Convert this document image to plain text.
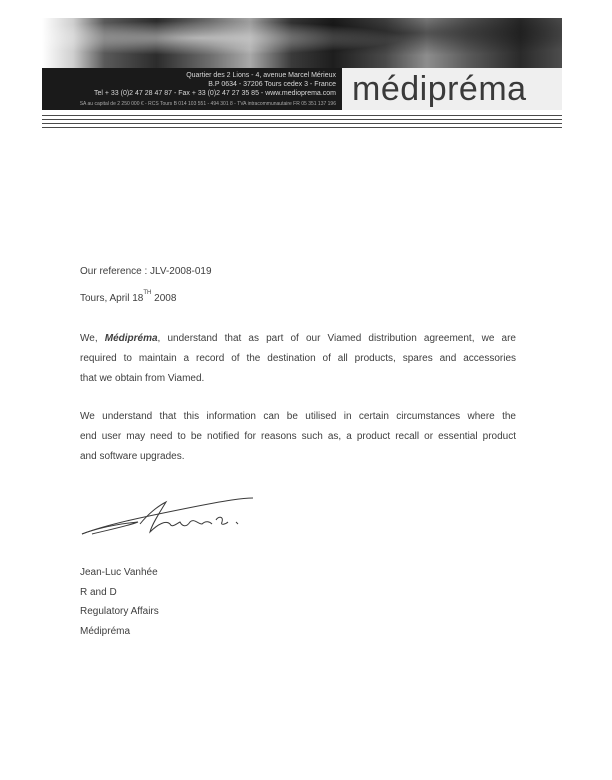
Quartier des 2 Lions - 4, avenue Marcel Mérieux
B.P 0634 - 37206 Tours cedex 3 - France
Tel + 33 (0)2 47 28 47 87 - Fax + 33 (0)2 47 27 35 85 - www.medioprema.com
SA au capital de 2 250 000 € - RCS Tours B 014 103 551 - 494 301 8 - TVA intracommunautaire FR 05 351 137 196 médipréma
Our reference : JLV-2008-019
Tours, April 18TH 2008
We, Médipréma, understand that as part of our Viamed distribution agreement, we are
required to maintain a record of the destination of all products, spares and accessories
that we obtain from Viamed.
We understand that this information can be utilised in certain circumstances where the
end user may need to be notified for reasons such as, a product recall or essential product
and software upgrades.
Jean-Luc Vanhée
R and D
Regulatory Affairs
Médipréma
